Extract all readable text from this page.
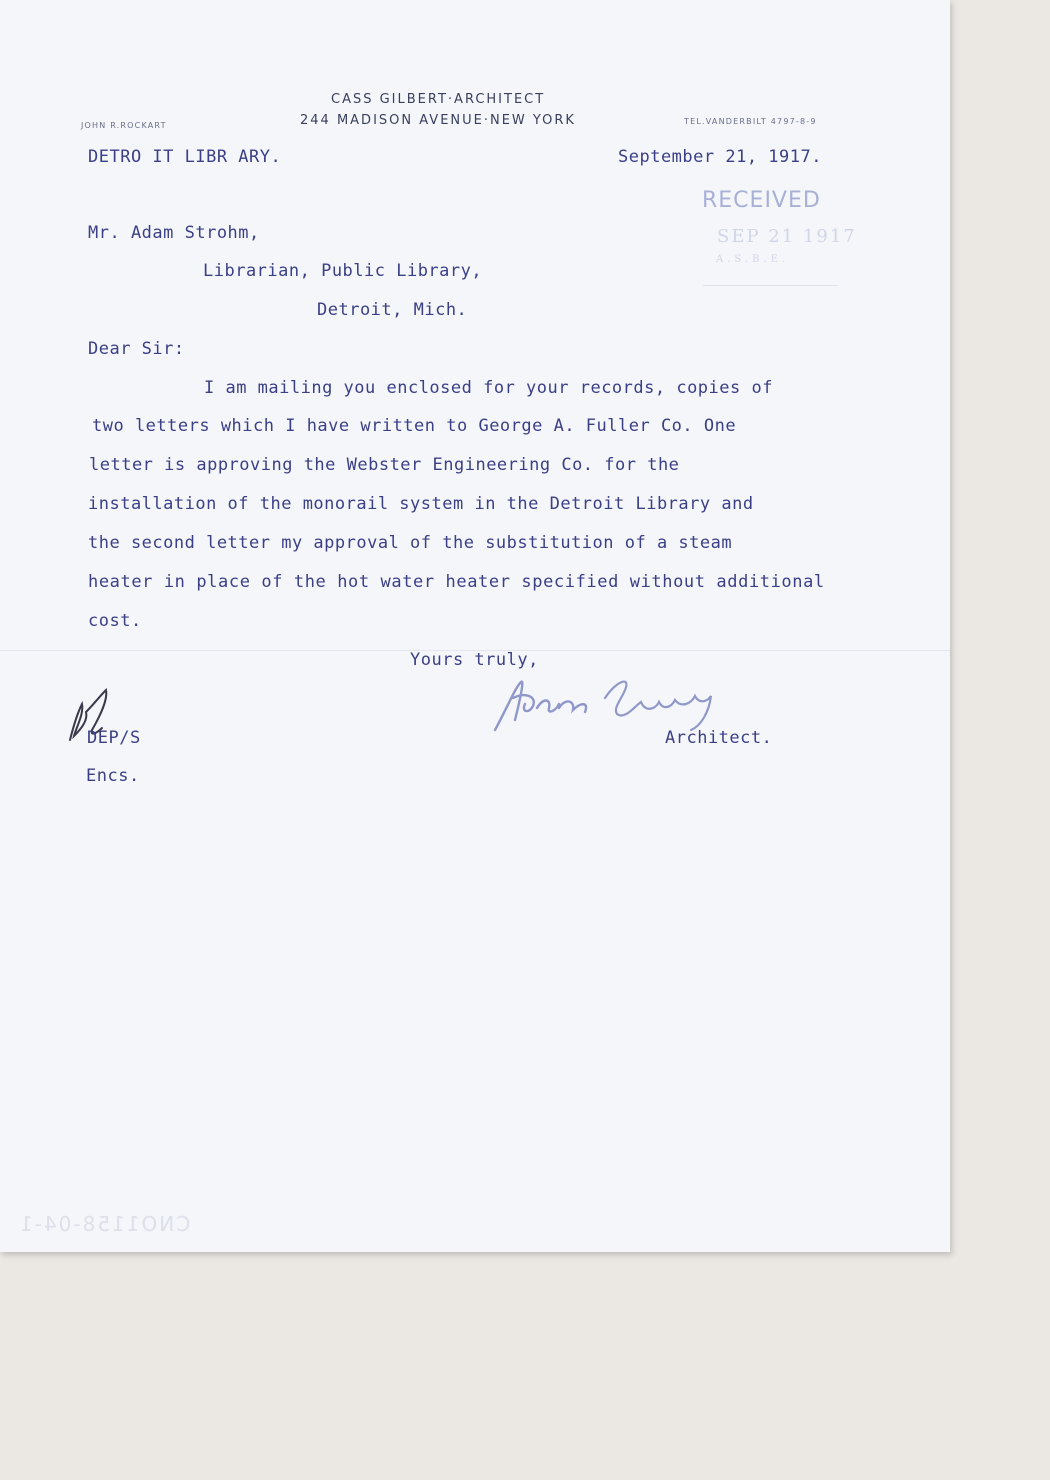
CASS GILBERT·ARCHITECT
244 MADISON AVENUE·NEW YORK
JOHN R.ROCKART	TEL.VANDERBILT 4797-8-9
DETRO IT LIBR ARY.	September 21, 1917.
RECEIVED
SEP 21 1917
A.S.B.E.
Mr. Adam Strohm,
Librarian, Public Library,
Detroit, Mich.
Dear Sir:
I am mailing you enclosed for your records, copies of
two letters which I have written to George A. Fuller Co. One
letter is approving the Webster Engineering Co. for the
installation of the monorail system in the Detroit Library and
the second letter my approval of the substitution of a steam
heater in place of the hot water heater specified without additional
cost.
Yours truly,
Architect.
DEP/S
Encs.
CNO1158-04-1
